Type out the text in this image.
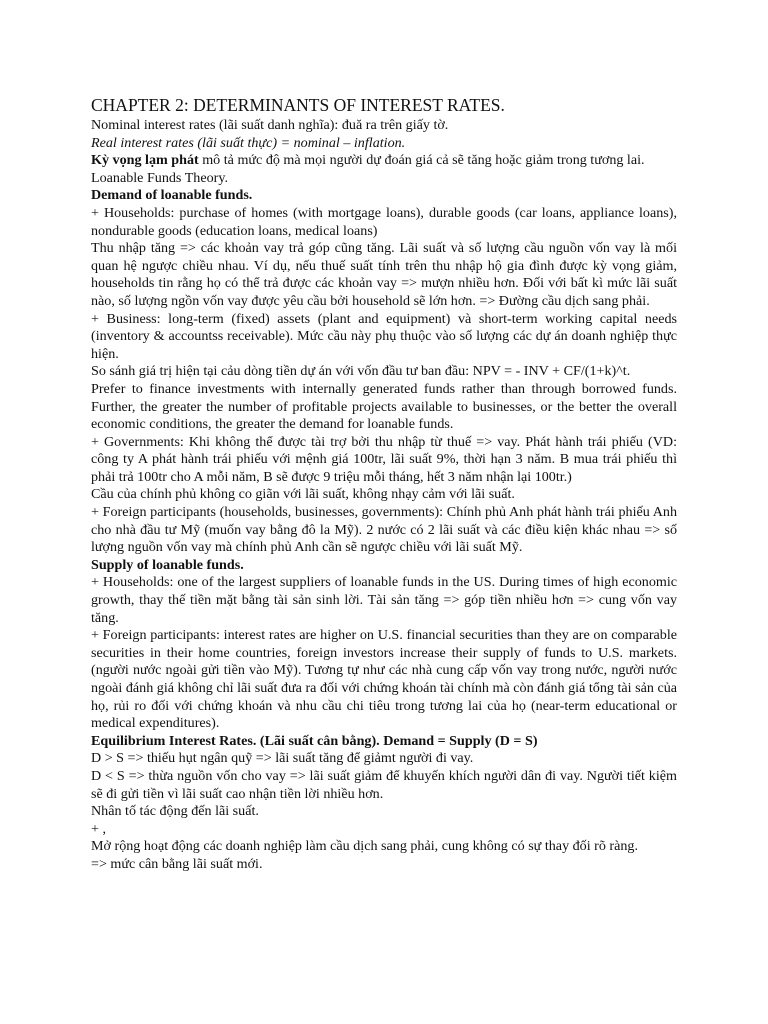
CHAPTER 2: DETERMINANTS OF INTEREST RATES.

Nominal interest rates (lãi suất danh nghĩa): đuă ra trên giấy tờ.

Real interest rates (lãi suất thực) = nominal – inflation.

Kỳ vọng lạm phát mô tả mức độ mà mọi người dự đoán giá cả sẽ tăng hoặc giảm trong tương lai.

Loanable Funds Theory.

Demand of loanable funds.

+ Households: purchase of homes (with mortgage loans), durable goods (car loans, appliance loans), nondurable goods (education loans, medical loans)

Thu nhập tăng => các khoản vay trả góp cũng tăng. Lãi suất và số lượng cầu nguồn vốn vay là mối quan hệ ngược chiều nhau. Ví dụ, nếu thuế suất tính trên thu nhập hộ gia đình được kỳ vọng giảm, households tin rằng họ có thể trả được các khoản vay => mượn nhiều hơn. Đối với bất kì mức lãi suất nào, số lượng ngồn vốn vay được yêu cầu bởi household sẽ lớn hơn. => Đường cầu dịch sang phải.

+ Business: long-term (fixed) assets (plant and equipment) và short-term working capital needs (inventory & accountss receivable). Mức cầu này phụ thuộc vào số lượng các dự án doanh nghiệp thực hiện.

So sánh giá trị hiện tại cảu dòng tiền dự án với vốn đầu tư ban đầu: NPV = - INV + CF/(1+k)^t.

Prefer to finance investments with internally generated funds rather than through borrowed funds. Further, the greater the number of profitable projects available to businesses, or the better the overall economic conditions, the greater the demand for loanable funds.

+ Governments: Khi không thể được tài trợ bởi thu nhập từ thuế => vay. Phát hành trái phiếu (VD: công ty A phát hành trái phiếu với mệnh giá 100tr, lãi suất 9%, thời hạn 3 năm. B mua trái phiếu thì phải trả 100tr cho A mỗi năm, B sẽ được 9 triệu mỗi tháng, hết 3 năm nhận lại 100tr.)

Cầu của chính phủ không co giãn với lãi suất, không nhạy cảm với lãi suất.

+ Foreign participants (households, businesses, governments): Chính phủ Anh phát hành trái phiếu Anh cho nhà đầu tư Mỹ (muốn vay bằng đô la Mỹ). 2 nước có 2 lãi suất và các điều kiện khác nhau => số lượng nguồn vốn vay mà chính phủ Anh cần sẽ ngược chiều với lãi suất Mỹ.

Supply of loanable funds.

+ Households: one of the largest suppliers of loanable funds in the US. During times of high economic growth, thay thế tiền mặt bằng tài sản sinh lời. Tài sản tăng => góp tiền nhiều hơn => cung vốn vay tăng.

+ Foreign participants: interest rates are higher on U.S. financial securities than they are on comparable securities in their home countries, foreign investors increase their supply of funds to U.S. markets. (người nước ngoài gửi tiền vào Mỹ). Tương tự như các nhà cung cấp vốn vay trong nước, người nước ngoài đánh giá không chỉ lãi suất đưa ra đối với chứng khoán tài chính mà còn đánh giá tổng tài sản của họ, rủi ro đối với chứng khoán và nhu cầu chi tiêu trong tương lai của họ (near-term educational or medical expenditures).

Equilibrium Interest Rates. (Lãi suất cân bằng). Demand = Supply (D = S)

D > S => thiếu hụt ngân quỹ => lãi suất tăng để giảmt người đi vay.

D < S => thừa nguồn vốn cho vay => lãi suất giảm để khuyến khích người dân đi vay. Người tiết kiệm sẽ đi gửi tiền vì lãi suất cao nhận tiền lời nhiều hơn.

Nhân tố tác động đến lãi suất.

+ ,

Mở rộng hoạt động các doanh nghiệp làm cầu dịch sang phải, cung không có sự thay đối rõ ràng.

=> mức cân bằng lãi suất mới.
